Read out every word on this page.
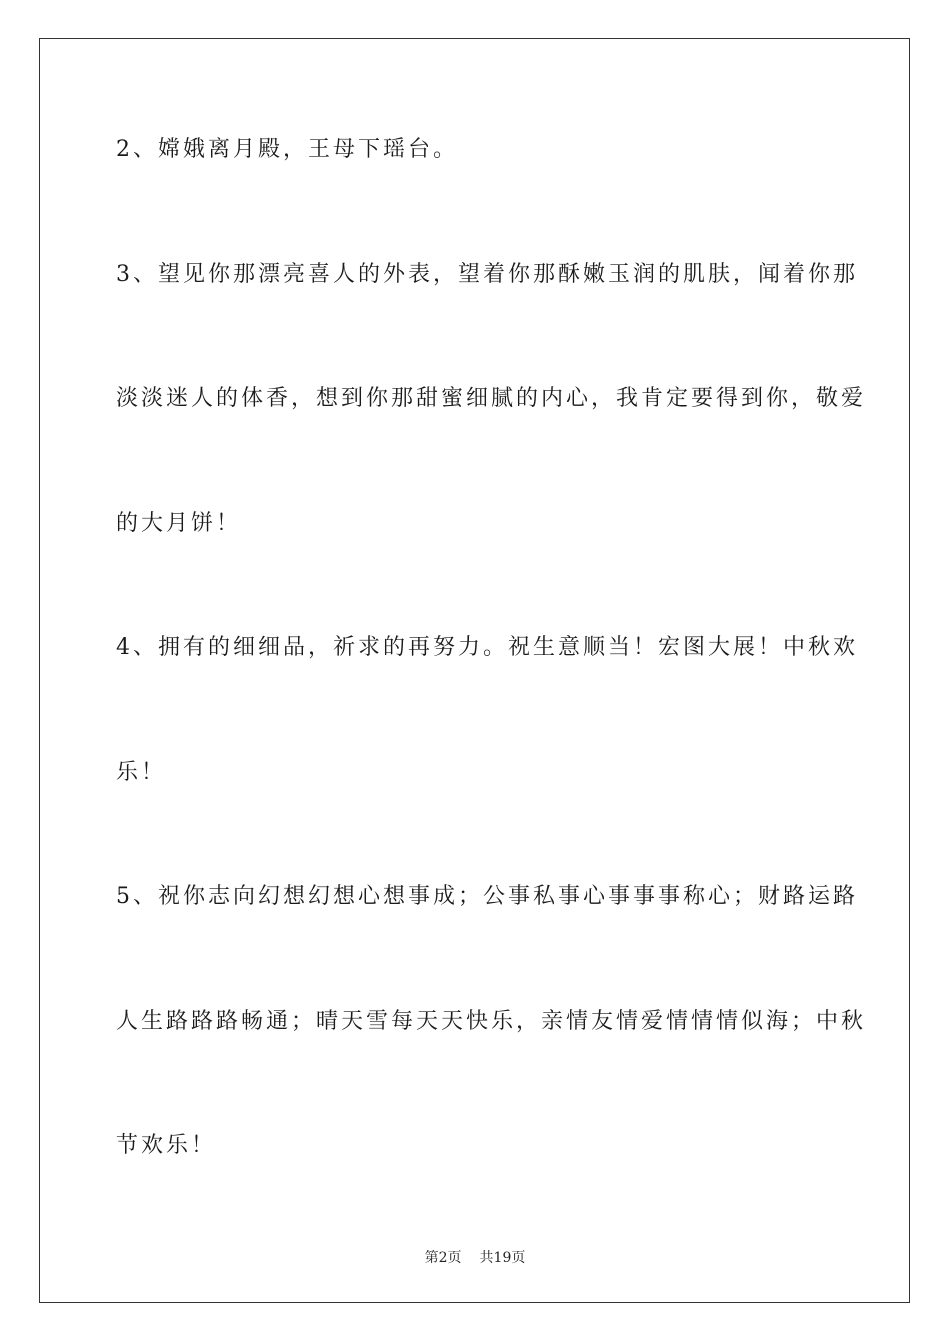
2、嫦娥离月殿，王母下瑶台。
3、望见你那漂亮喜人的外表，望着你那酥嫩玉润的肌肤，闻着你那
淡淡迷人的体香，想到你那甜蜜细腻的内心，我肯定要得到你，敬爱
的大月饼！
4、拥有的细细品，祈求的再努力。祝生意顺当！宏图大展！中秋欢
乐！
5、祝你志向幻想幻想心想事成；公事私事心事事事称心；财路运路
人生路路路畅通；晴天雪每天天快乐，亲情友情爱情情情似海；中秋
节欢乐！
第2页 共19页
